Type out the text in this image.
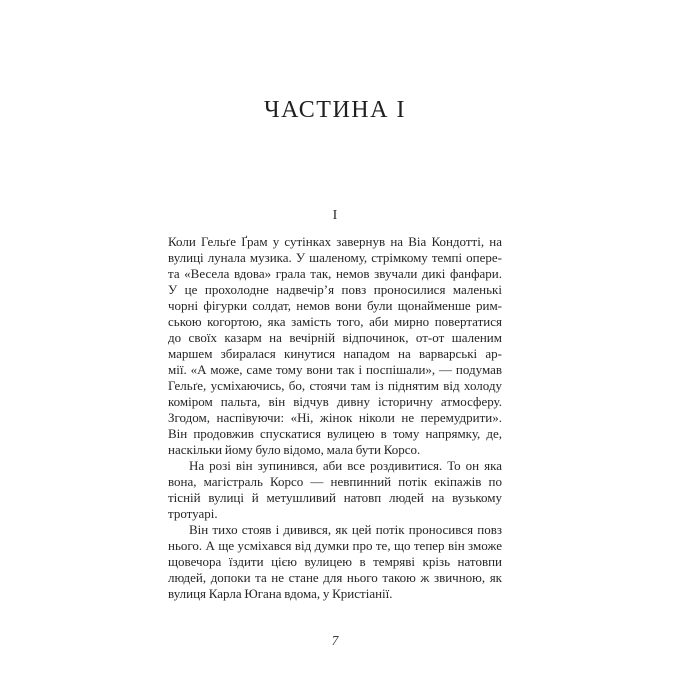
ЧАСТИНА I
I
Коли Гельґе Ґрам у сутінках завернув на Віа Кондотті, на
вулиці лунала музика. У шаленому, стрімкому темпі опере-
та «Весела вдова» грала так, немов звучали дикі фанфари.
У це прохолодне надвечір’я повз проносилися маленькі
чорні фігурки солдат, немов вони були щонайменше рим-
ською когортою, яка замість того, аби мирно повертатися
до своїх казарм на вечірній відпочинок, от-от шаленим
маршем збиралася кинутися нападом на варварські ар-
мії. «А може, саме тому вони так і поспішали», — подумав
Гельґе, усміхаючись, бо, стоячи там із піднятим від холоду
коміром пальта, він відчув дивну історичну атмосферу.
Згодом, наспівуючи: «Ні, жінок ніколи не перемудрити».
Він продовжив спускатися вулицею в тому напрямку, де,
наскільки йому було відомо, мала бути Корсо.
На розі він зупинився, аби все роздивитися. То он яка
вона, магістраль Корсо — невпинний потік екіпажів по
тісній вулиці й метушливий натовп людей на вузькому
тротуарі.
Він тихо стояв і дивився, як цей потік проносився повз
нього. А ще усміхався від думки про те, що тепер він зможе
щовечора їздити цією вулицею в темряві крізь натовпи
людей, допоки та не стане для нього такою ж звичною, як
вулиця Карла Югана вдома, у Кристіанії.
7
